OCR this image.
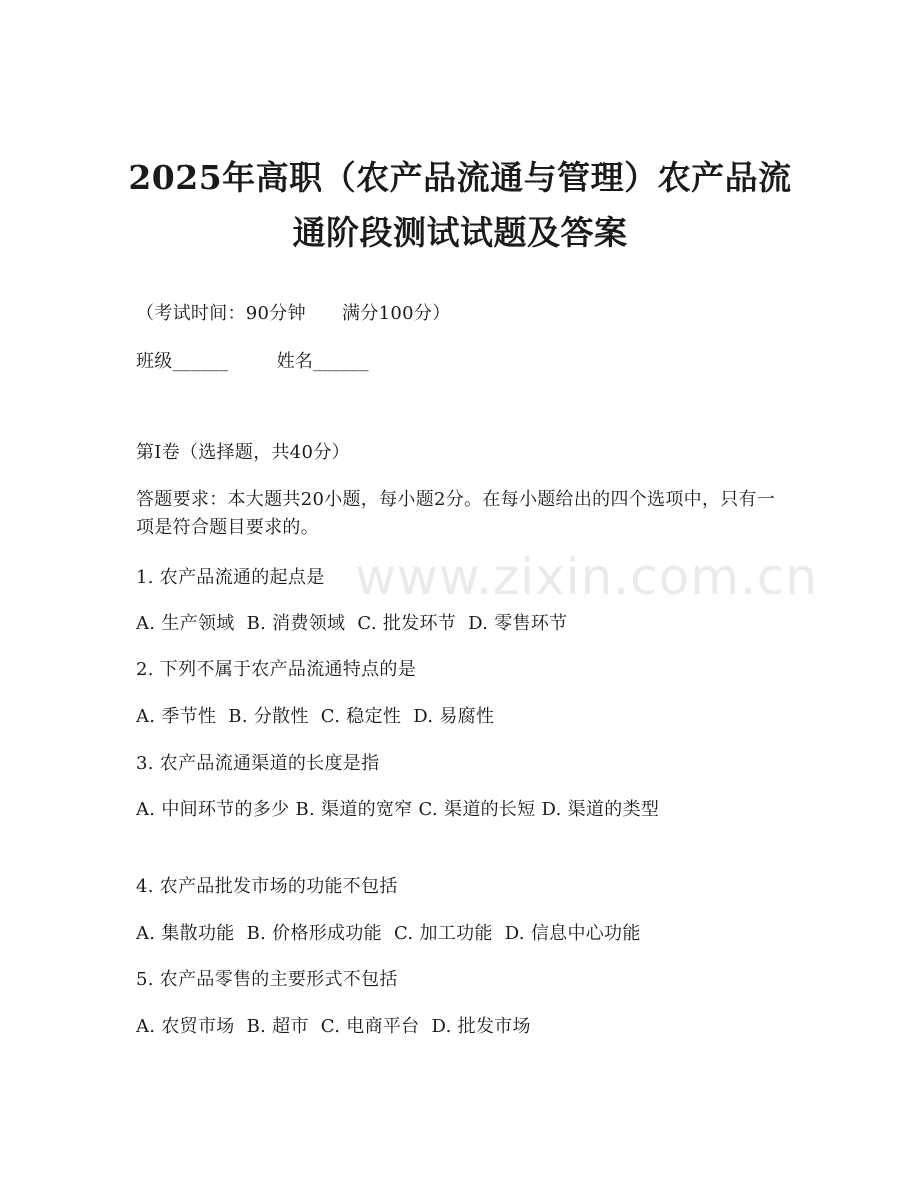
2025年高职（农产品流通与管理）农产品流
通阶段测试试题及答案
（考试时间：90分钟      满分100分）
班级______        姓名______
第Ⅰ卷（选择题，共40分）
答题要求：本大题共20小题，每小题2分。在每小题给出的四个选项中，只有一项是符合题目要求的。
1. 农产品流通的起点是
A. 生产领域  B. 消费领域  C. 批发环节  D. 零售环节
2. 下列不属于农产品流通特点的是
A. 季节性  B. 分散性  C. 稳定性  D. 易腐性
3. 农产品流通渠道的长度是指
A. 中间环节的多少 B. 渠道的宽窄 C. 渠道的长短 D. 渠道的类型
4. 农产品批发市场的功能不包括
A. 集散功能  B. 价格形成功能  C. 加工功能  D. 信息中心功能
5. 农产品零售的主要形式不包括
A. 农贸市场  B. 超市  C. 电商平台  D. 批发市场
www.zixin.com.cn
